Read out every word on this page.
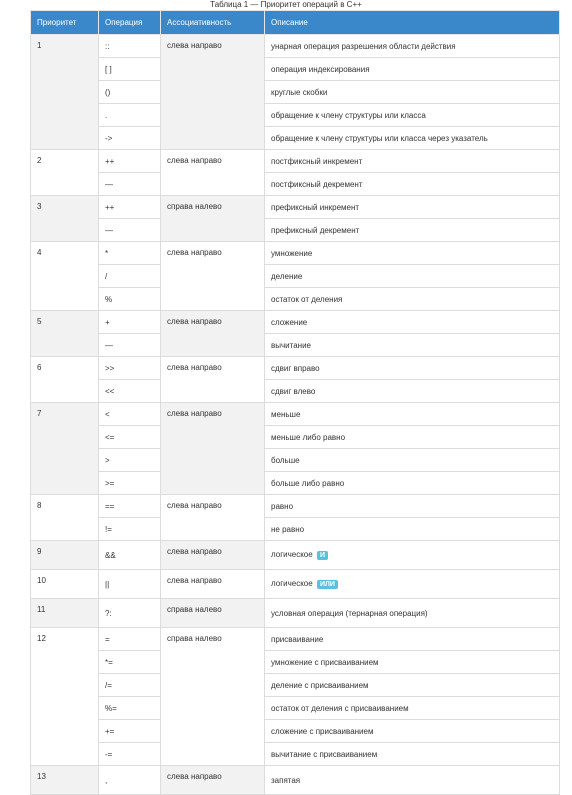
Таблица 1 — Приоритет операций в C++
Приоритет	Операция	Ассоциативность	Описание
1	::	слева направо	унарная операция разрешения области действия
	[ ]		операция индексирования
	()		круглые скобки
	.		обращение к члену структуры или класса
	->		обращение к члену структуры или класса через указатель
2	++	слева направо	постфиксный инкремент
	—		постфиксный декремент
3	++	справа налево	префиксный инкремент
	—		префиксный декремент
4	*	слева направо	умножение
	/		деление
	%		остаток от деления
5	+	слева направо	сложение
	—		вычитание
6	>>	слева направо	сдвиг вправо
	<<		сдвиг влево
7	<	слева направо	меньше
	<=		меньше либо равно
	>		больше
	>=		больше либо равно
8	==	слева направо	равно
	!=		не равно
9	&&	слева направо	логическое И
10	||	слева направо	логическое ИЛИ
11	?:	справа налево	условная операция (тернарная операция)
12	=	справа налево	присваивание
	*=		умножение с присваиванием
	/=		деление с присваиванием
	%=		остаток от деления с присваиванием
	+=		сложение с присваиванием
	-=		вычитание с присваиванием
13	,	слева направо	запятая
